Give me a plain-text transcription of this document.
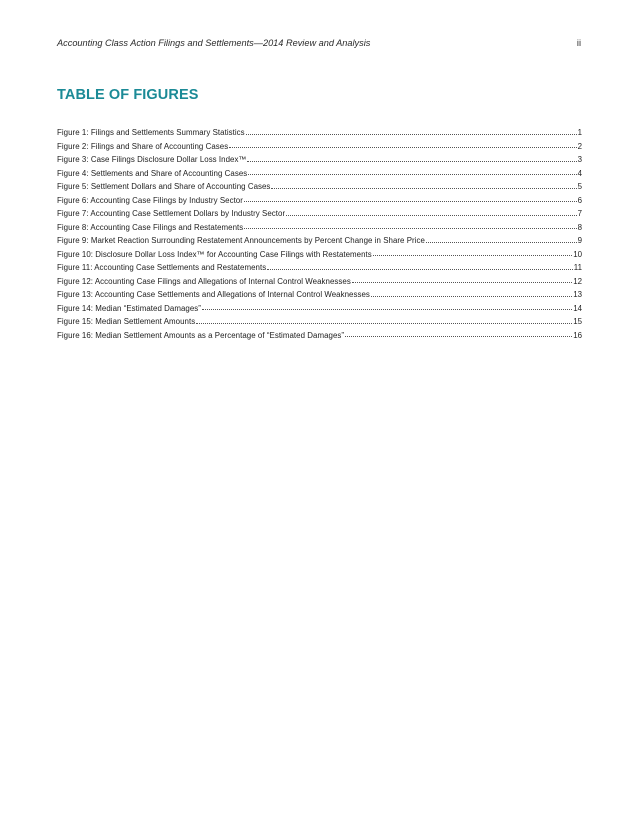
Accounting Class Action Filings and Settlements—2014 Review and Analysis	ii
TABLE OF FIGURES
Figure 1: Filings and Settlements Summary Statistics	1
Figure 2: Filings and Share of Accounting Cases	2
Figure 3: Case Filings Disclosure Dollar Loss Index™	3
Figure 4: Settlements and Share of Accounting Cases	4
Figure 5: Settlement Dollars and Share of Accounting Cases	5
Figure 6: Accounting Case Filings by Industry Sector	6
Figure 7: Accounting Case Settlement Dollars by Industry Sector	7
Figure 8: Accounting Case Filings and Restatements	8
Figure 9: Market Reaction Surrounding Restatement Announcements by Percent Change in Share Price	9
Figure 10: Disclosure Dollar Loss Index™ for Accounting Case Filings with Restatements	10
Figure 11: Accounting Case Settlements and Restatements	11
Figure 12: Accounting Case Filings and Allegations of Internal Control Weaknesses	12
Figure 13: Accounting Case Settlements and Allegations of Internal Control Weaknesses	13
Figure 14: Median “Estimated Damages”	14
Figure 15: Median Settlement Amounts	15
Figure 16: Median Settlement Amounts as a Percentage of “Estimated Damages”	16
